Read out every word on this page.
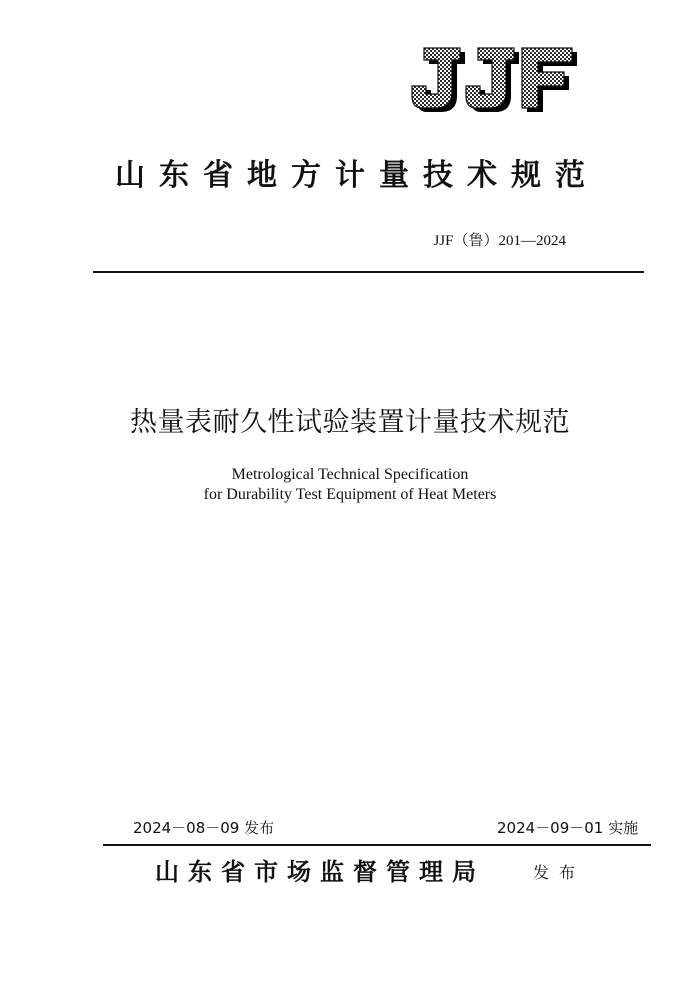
山东省地方计量技术规范
JJF（鲁）201—2024
热量表耐久性试验装置计量技术规范
Metrological Technical Specification
for Durability Test Equipment of Heat Meters
2024－08－09 发布	2024－09－01 实施
山东省市场监督管理局	发布
